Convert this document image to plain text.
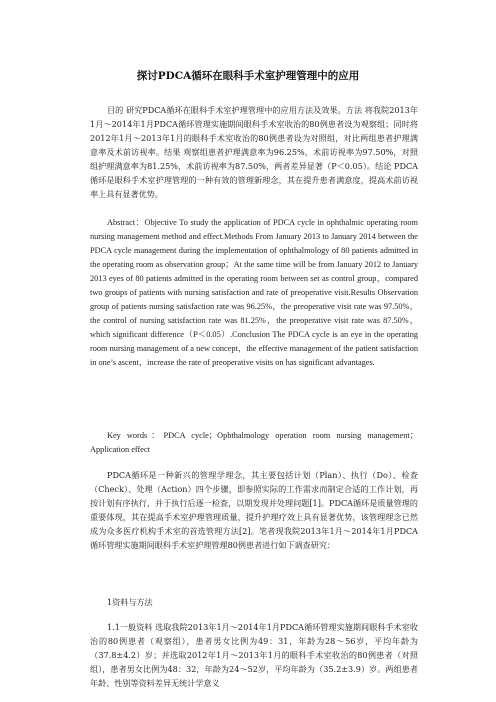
探讨PDCA循环在眼科手术室护理管理中的应用

目的 研究PDCA循环在眼科手术室护理管理中的应用方法及效果。方法 将我院2013年1月～2014年1月PDCA循环管理实施期间眼科手术室收治的80例患者设为观察组；同时将2012年1月～2013年1月的眼科手术室收治的80例患者设为对照组，对比两组患者护理满意率及术前访视率。结果 观察组患者护理满意率为96.25%，术前访视率为97.50%，对照组护理满意率为81.25%，术前访视率为87.50%，两者差异显著（P＜0.05）。结论 PDCA循环是眼科手术室护理管理的一种有效的管理新理念，其在提升患者满意度，提高术前访视率上具有显著优势。

Abstract：Objective To study the application of PDCA cycle in ophthalmic operating room nursing management method and effect.Methods From January 2013 to January 2014 between the PDCA cycle management during the implementation of ophthalmology of 80 patients admitted in the operating room as observation group；At the same time will be from January 2012 to January 2013 eyes of 80 patients admitted in the operating room between set as control group，compared two groups of patients with nursing satisfaction and rate of preoperative visit.Results Observation group of patients nursing satisfaction rate was 96.25%，the preoperative visit rate was 97.50%，the control of nursing satisfaction rate was 81.25%，the preoperative visit rate was 87.50%，which significant difference（P＜0.05）.Conclusion The PDCA cycle is an eye in the operating room nursing management of a new concept，the effective management of the patient satisfaction in one’s ascent，increase the rate of preoperative visits on has significant advantages.

Key words：PDCA cycle；Ophthalmology operation room nursing management；Application effect

PDCA循环是一种新兴的管理学理念，其主要包括计划（Plan）、执行（Do）、检查（Check）、处理（Action）四个步骤，即参照实际的工作需求而制定合适的工作计划，再按计划有序执行，并于执行后逐一检查，以期发现并处理问题[1]。PDCA循环是质量管理的重要体现，其在提高手术室护理管理质量，提升护理疗效上具有显著优势，该管理理念已然成为众多医疗机构手术室的首选管理方法[2]。笔者现我院2013年1月～2014年1月PDCA循环管理实施期间眼科手术室护理管理80例患者进行如下调查研究：

1资料与方法

1.1一般资料 选取我院2013年1月～2014年1月PDCA循环管理实施期间眼科手术室收治的80例患者（观察组），患者男女比例为49：31，年龄为28～56岁，平均年龄为（37.8±4.2）岁；并选取2012年1月～2013年1月的眼科手术室收治的80例患者（对照组），患者男女比例为48：32，年龄为24～52岁，平均年龄为（35.2±3.9）岁。两组患者年龄、性别等资料差异无统计学意义
